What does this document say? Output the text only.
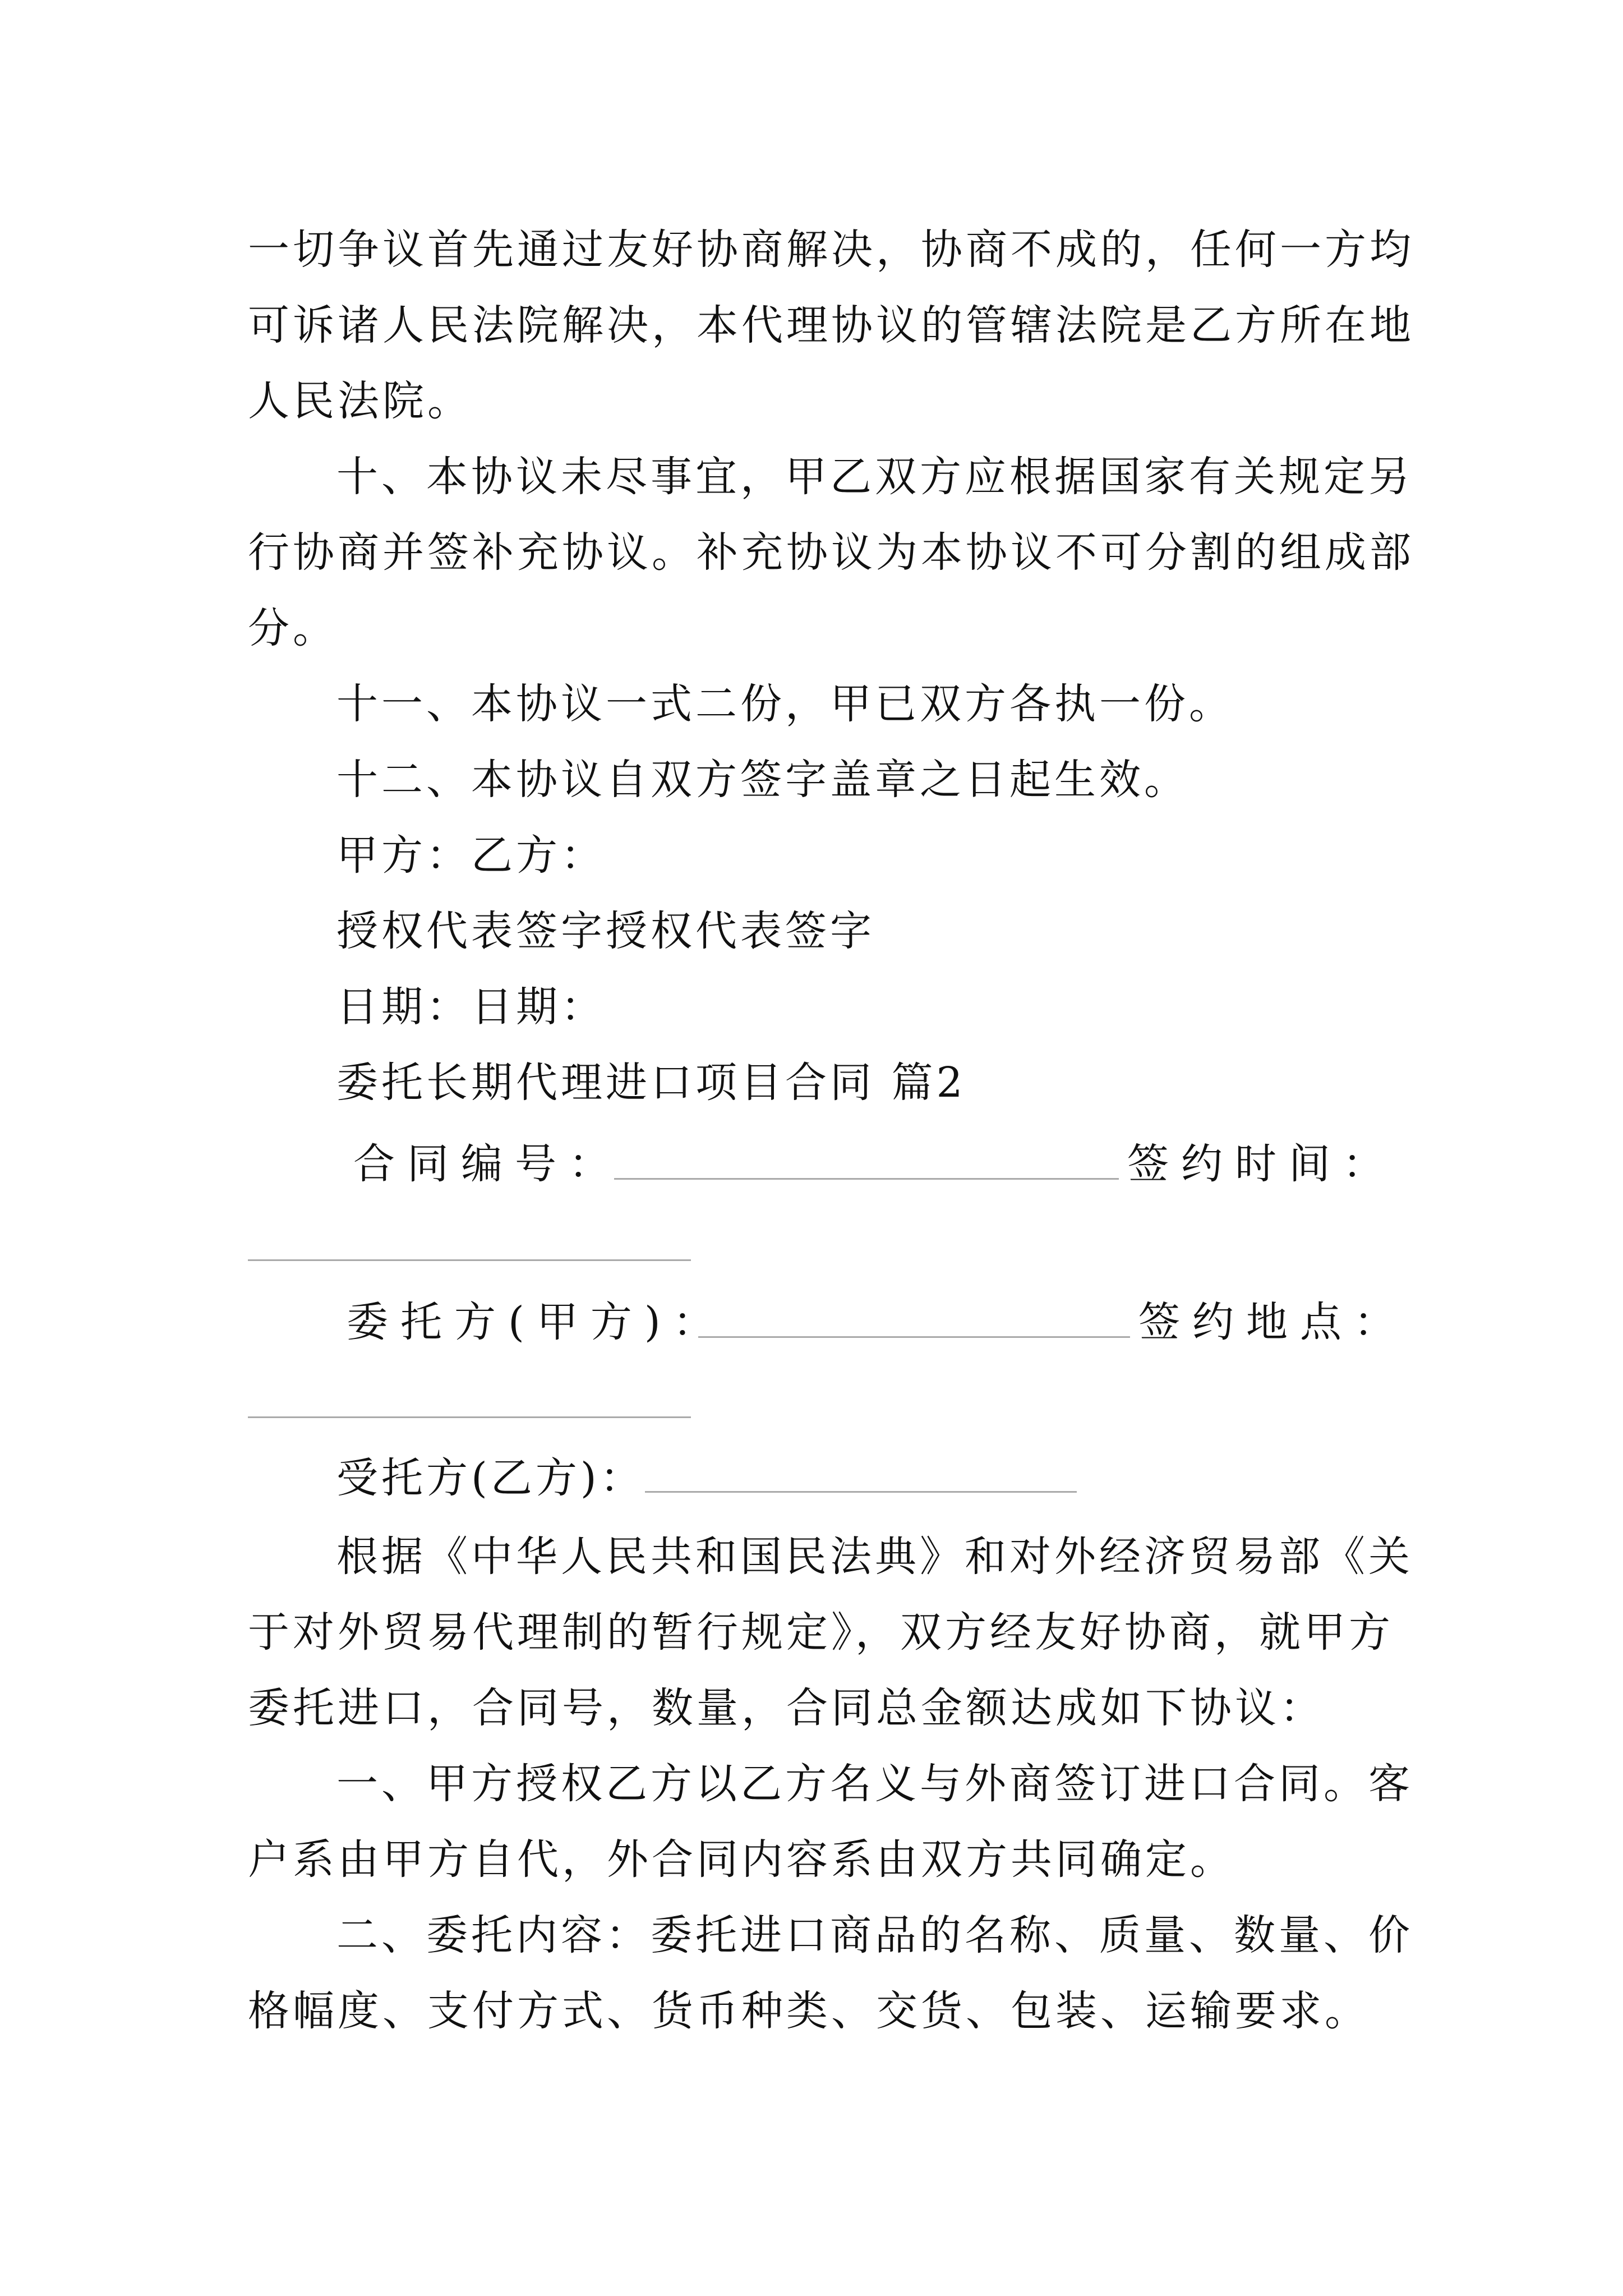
一切争议首先通过友好协商解决，协商不成的，任何一方均
可诉诸人民法院解决，本代理协议的管辖法院是乙方所在地
人民法院。
十、本协议未尽事宜，甲乙双方应根据国家有关规定另
行协商并签补充协议。补充协议为本协议不可分割的组成部
分。
十一、本协议一式二份，甲已双方各执一份。
十二、本协议自双方签字盖章之日起生效。
甲方：乙方：
授权代表签字授权代表签字
日期：日期：
委托长期代理进口项目合同 篇2
合同编号：	签约时间：
委托方(甲方)：	签约地点：
受托方(乙方)：
根据《中华人民共和国民法典》和对外经济贸易部《关
于对外贸易代理制的暂行规定》，双方经友好协商，就甲方
委托进口，合同号，数量，合同总金额达成如下协议：
一、甲方授权乙方以乙方名义与外商签订进口合同。客
户系由甲方自代，外合同内容系由双方共同确定。
二、委托内容：委托进口商品的名称、质量、数量、价
格幅度、支付方式、货币种类、交货、包装、运输要求。
